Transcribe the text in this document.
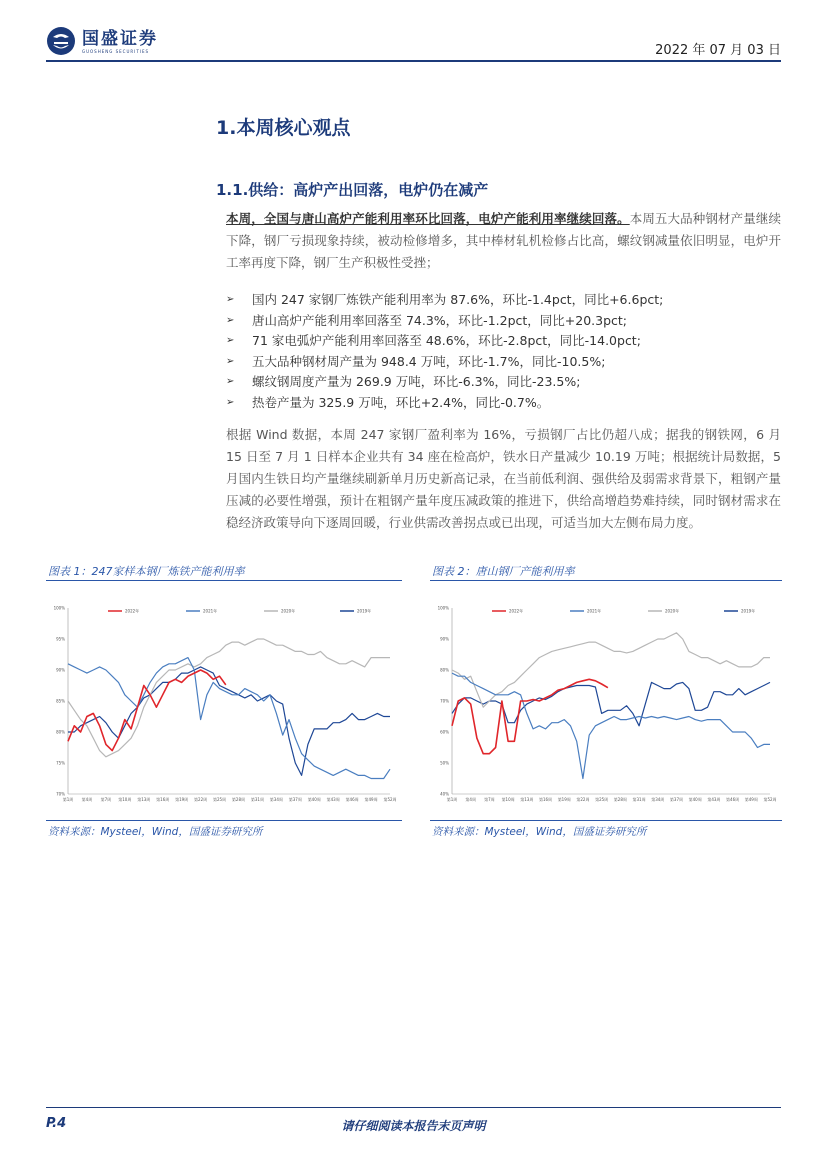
国盛证券
GUOSHENG SECURITIES	2022 年 07 月 03 日
1.本周核心观点
1.1.供给：高炉产出回落，电炉仍在减产
本周，全国与唐山高炉产能利用率环比回落，电炉产能利用率继续回落。本周五大品种钢材产量继续下降，钢厂亏损现象持续，被动检修增多，其中棒材轧机检修占比高，螺纹钢减量依旧明显，电炉开工率再度下降，钢厂生产积极性受挫；
➢ 国内 247 家钢厂炼铁产能利用率为 87.6%，环比-1.4pct，同比+6.6pct;
➢ 唐山高炉产能利用率回落至 74.3%，环比-1.2pct，同比+20.3pct;
➢ 71 家电弧炉产能利用率回落至 48.6%，环比-2.8pct，同比-14.0pct;
➢ 五大品种钢材周产量为 948.4 万吨，环比-1.7%，同比-10.5%;
➢ 螺纹钢周度产量为 269.9 万吨，环比-6.3%，同比-23.5%;
➢ 热卷产量为 325.9 万吨，环比+2.4%，同比-0.7%。
根据 Wind 数据，本周 247 家钢厂盈利率为 16%，亏损钢厂占比仍超八成；据我的钢铁网，6 月 15 日至 7 月 1 日样本企业共有 34 座在检高炉，铁水日产量减少 10.19 万吨；根据统计局数据，5 月国内生铁日均产量继续刷新单月历史新高记录，在当前低利润、强供给及弱需求背景下，粗钢产量压减的必要性增强，预计在粗钢产量年度压减政策的推进下，供给高增趋势难持续，同时钢材需求在稳经济政策导向下逐周回暖，行业供需改善拐点或已出现，可适当加大左侧布局力度。
图表 1：247家样本钢厂炼铁产能利用率
100%
95%
90%
85%
80%
75%
70%
第1周 第4周 第7周 第10周 第13周 第16周 第19周 第22周 第25周 第28周 第31周 第34周 第37周 第40周 第43周 第46周 第49周 第52周
2022年	2021年	2020年	2019年
资料来源：Mysteel，Wind，国盛证券研究所
图表 2：唐山钢厂产能利用率
100%
90%
80%
70%
60%
50%
40%
第1周 第4周 第7周 第10周 第13周 第16周 第19周 第22周 第25周 第28周 第31周 第34周 第37周 第40周 第43周 第46周 第49周 第52周
2022年	2021年	2020年	2019年
资料来源：Mysteel，Wind，国盛证券研究所
P.4	请仔细阅读本报告末页声明
